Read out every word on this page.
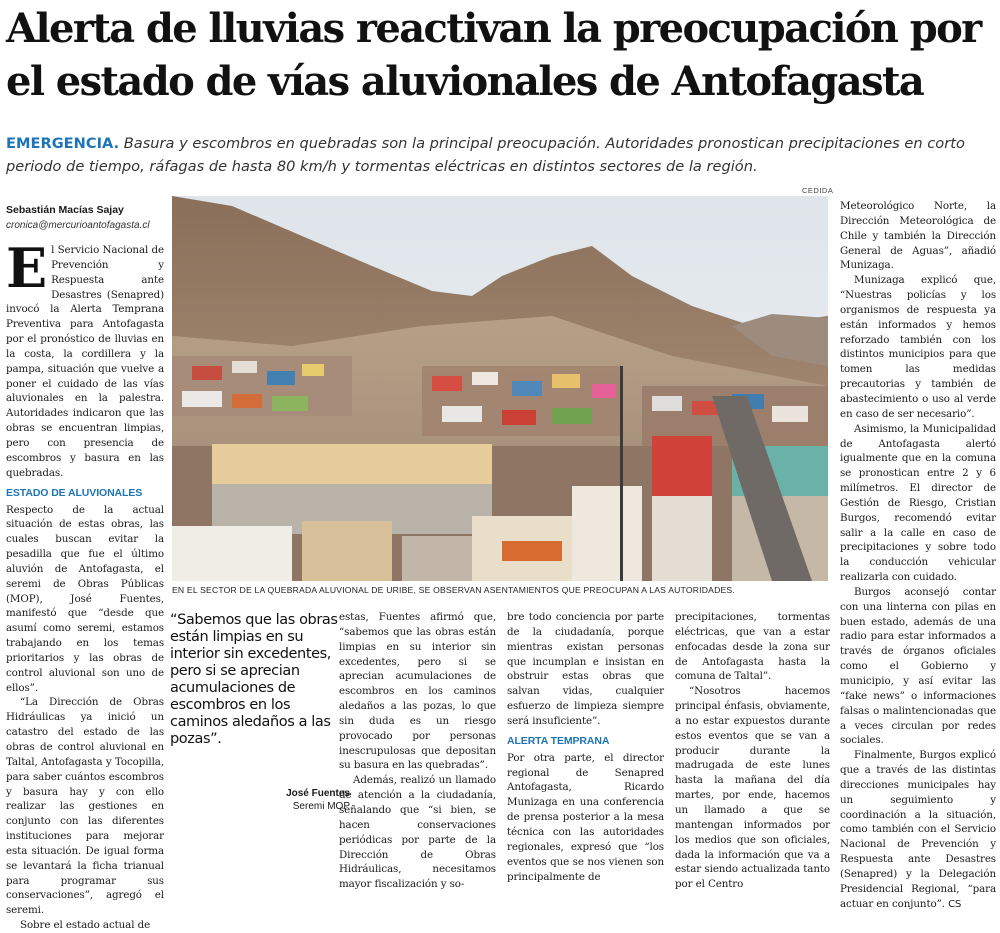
Alerta de lluvias reactivan la preocupación por el estado de vías aluvionales de Antofagasta
EMERGENCIA. Basura y escombros en quebradas son la principal preocupación. Autoridades pronostican precipitaciones en corto periodo de tiempo, ráfagas de hasta 80 km/h y tormentas eléctricas en distintos sectores de la región.
Sebastián Macías Sajay
cronica@mercurioantofagasta.cl

E l Servicio Nacional de Prevención y Respuesta ante Desastres (Senapred) invocó la Alerta Temprana Preventiva para Antofagasta por el pronóstico de lluvias en la costa, la cordillera y la pampa, situación que vuelve a poner el cuidado de las vías aluvionales en la palestra. Autoridades indicaron que las obras se encuentran limpias, pero con presencia de escombros y basura en las quebradas.

ESTADO DE ALUVIONALES

Respecto de la actual situación de estas obras, las cuales buscan evitar la pesadilla que fue el último aluvión de Antofagasta, el seremi de Obras Públicas (MOP), José Fuentes, manifestó que “desde que asumí como seremi, estamos trabajando en los temas prioritarios y las obras de control aluvional son uno de ellos”.

“La Dirección de Obras Hidráulicas ya inició un catastro del estado de las obras de control aluvional en Taltal, Antofagasta y Tocopilla, para saber cuántos escombros y basura hay y con ello realizar las gestiones en conjunto con las diferentes instituciones para mejorar esta situación. De igual forma se levantará la ficha trianual para programar sus conservaciones”, agregó el seremi.

Sobre el estado actual de

CEDIDA
EN EL SECTOR DE LA QUEBRADA ALUVIONAL DE URIBE, SE OBSERVAN ASENTAMIENTOS QUE PREOCUPAN A LAS AUTORIDADES.
“Sabemos que las obras están limpias en su interior sin excedentes, pero si se aprecian acumulaciones de escombros en los caminos aledaños a las pozas”.
José Fuentes
Seremi MOP

estas, Fuentes afirmó que, “sabemos que las obras están limpias en su interior sin excedentes, pero si se aprecian acumulaciones de escombros en los caminos aledaños a las pozas, lo que sin duda es un riesgo provocado por personas inescrupulosas que depositan su basura en las quebradas”.

Además, realizó un llamado de atención a la ciudadanía, señalando que “si bien, se hacen conservaciones periódicas por parte de la Dirección de Obras Hidráulicas, necesitamos mayor fiscalización y so-

bre todo conciencia por parte de la ciudadanía, porque mientras existan personas que incumplan e insistan en obstruir estas obras que salvan vidas, cualquier esfuerzo de limpieza siempre será insuficiente”.

ALERTA TEMPRANA

Por otra parte, el director regional de Senapred Antofagasta, Ricardo Munizaga en una conferencia de prensa posterior a la mesa técnica con las autoridades regionales, expresó que “los eventos que se nos vienen son principalmente de

precipitaciones, tormentas eléctricas, que van a estar enfocadas desde la zona sur de Antofagasta hasta la comuna de Taltal”.

“Nosotros hacemos principal énfasis, obviamente, a no estar expuestos durante estos eventos que se van a producir durante la madrugada de este lunes hasta la mañana del día martes, por ende, hacemos un llamado a que se mantengan informados por los medios que son oficiales, dada la información que va a estar siendo actualizada tanto por el Centro

Meteorológico Norte, la Dirección Meteorológica de Chile y también la Dirección General de Aguas”, añadió Munizaga.

Munizaga explicó que, “Nuestras policías y los organismos de respuesta ya están informados y hemos reforzado también con los distintos municipios para que tomen las medidas precautorias y también de abastecimiento o uso al verde en caso de ser necesario”.

Asimismo, la Municipalidad de Antofagasta alertó igualmente que en la comuna se pronostican entre 2 y 6 milímetros. El director de Gestión de Riesgo, Cristian Burgos, recomendó evitar salir a la calle en caso de precipitaciones y sobre todo la conducción vehicular realizarla con cuidado.

Burgos aconsejó contar con una linterna con pilas en buen estado, además de una radio para estar informados a través de órganos oficiales como el Gobierno y municipio, y así evitar las “fake news” o informaciones falsas o malintencionadas que a veces circulan por redes sociales.

Finalmente, Burgos explicó que a través de las distintas direcciones municipales hay un seguimiento y coordinación a la situación, como también con el Servicio Nacional de Prevención y Respuesta ante Desastres (Senapred) y la Delegación Presidencial Regional, “para actuar en conjunto”. CS
